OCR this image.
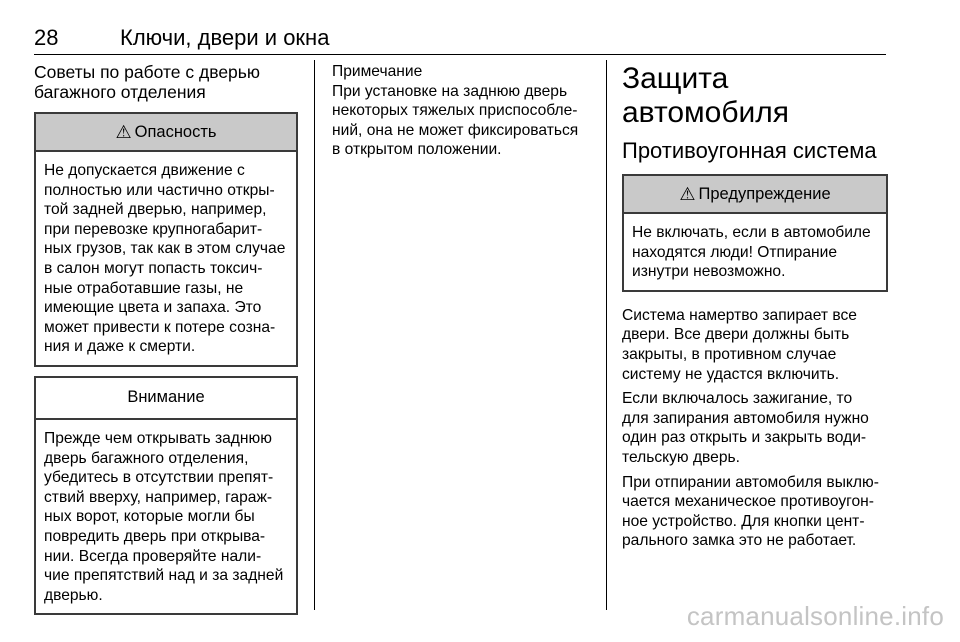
28	Ключи, двери и окна
Советы по работе с дверью
багажного отделения
⚠ Опасность
Не допускается движение с
полностью или частично откры-
той задней дверью, например,
при перевозке крупногабарит-
ных грузов, так как в этом случае
в салон могут попасть токсич-
ные отработавшие газы, не
имеющие цвета и запаха. Это
может привести к потере созна-
ния и даже к смерти.
Внимание
Прежде чем открывать заднюю
дверь багажного отделения,
убедитесь в отсутствии препят-
ствий вверху, например, гараж-
ных ворот, которые могли бы
повредить дверь при открыва-
нии. Всегда проверяйте нали-
чие препятствий над и за задней
дверью.
Примечание
При установке на заднюю дверь
некоторых тяжелых приспособле-
ний, она не может фиксироваться
в открытом положении.
Защита автомобиля
Противоугонная система
⚠ Предупреждение
Не включать, если в автомобиле
находятся люди! Отпирание
изнутри невозможно.

Система намертво запирает все
двери. Все двери должны быть
закрыты, в противном случае
систему не удастся включить.

Если включалось зажигание, то
для запирания автомобиля нужно
один раз открыть и закрыть води-
тельскую дверь.

При отпирании автомобиля выклю-
чается механическое противоугон-
ное устройство. Для кнопки цент-
рального замка это не работает.

carmanualsonline.info
